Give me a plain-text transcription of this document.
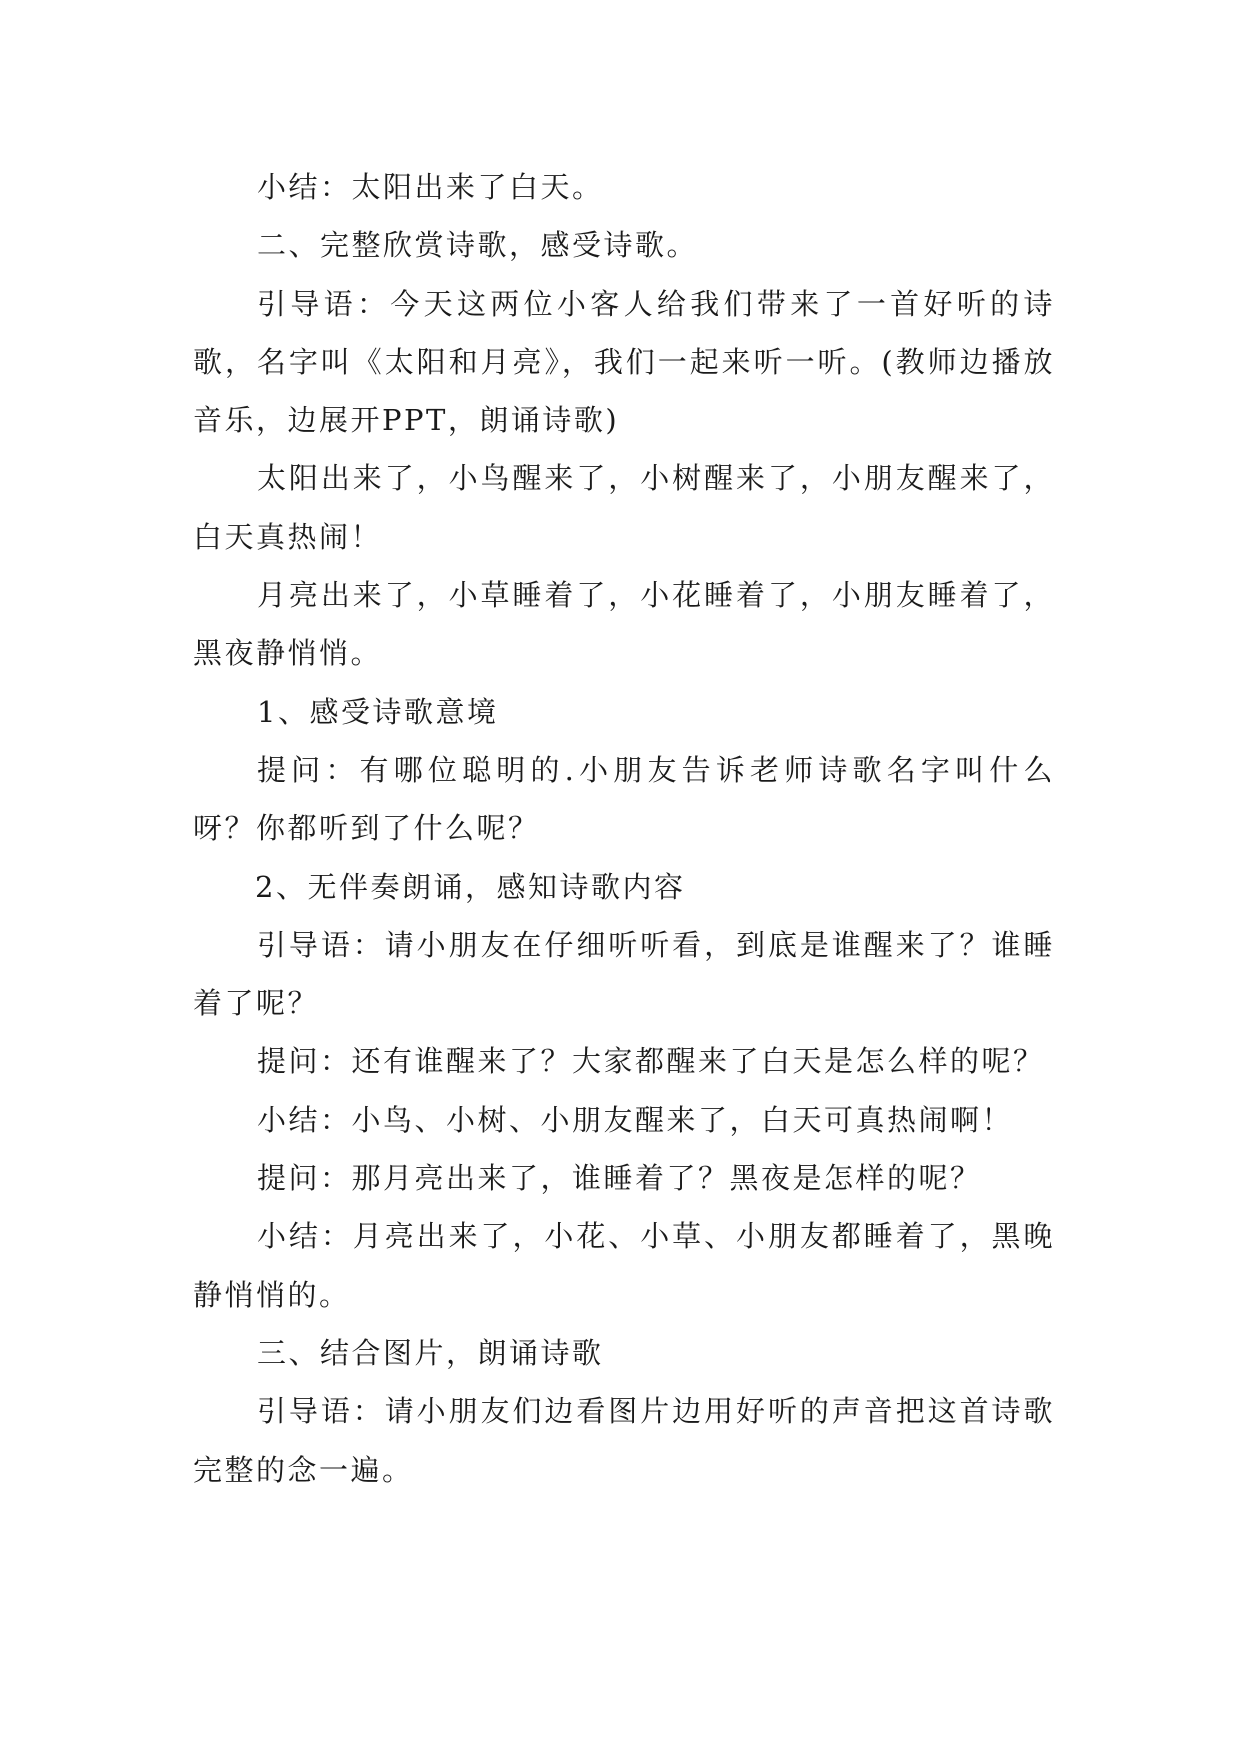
小结：太阳出来了白天。

二、完整欣赏诗歌，感受诗歌。

引导语：今天这两位小客人给我们带来了一首好听的诗歌，名字叫《太阳和月亮》，我们一起来听一听。(教师边播放音乐，边展开PPT，朗诵诗歌)

太阳出来了，小鸟醒来了，小树醒来了，小朋友醒来了，白天真热闹！

月亮出来了，小草睡着了，小花睡着了，小朋友睡着了，黑夜静悄悄。

1、感受诗歌意境

提问：有哪位聪明的.小朋友告诉老师诗歌名字叫什么呀？你都听到了什么呢？

2、无伴奏朗诵，感知诗歌内容

引导语：请小朋友在仔细听听看，到底是谁醒来了？谁睡着了呢？

提问：还有谁醒来了？大家都醒来了白天是怎么样的呢？

小结：小鸟、小树、小朋友醒来了，白天可真热闹啊！

提问：那月亮出来了，谁睡着了？黑夜是怎样的呢？

小结：月亮出来了，小花、小草、小朋友都睡着了，黑晚静悄悄的。

三、结合图片，朗诵诗歌

引导语：请小朋友们边看图片边用好听的声音把这首诗歌完整的念一遍。
